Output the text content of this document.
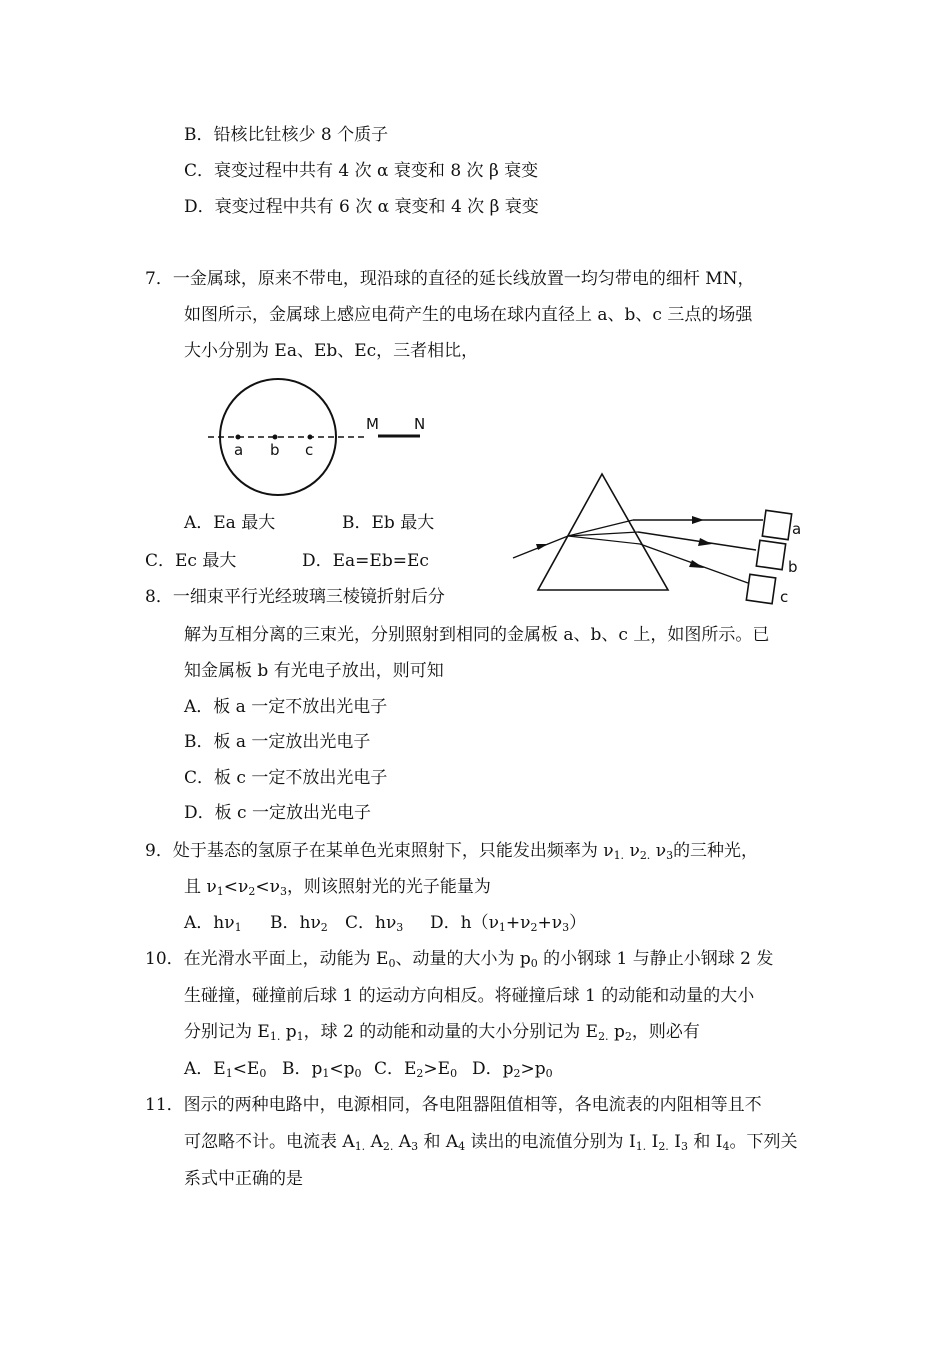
B．铅核比钍核少 8 个质子
C．衰变过程中共有 4 次 α 衰变和 8 次 β 衰变
D．衰变过程中共有 6 次 α 衰变和 4 次 β 衰变
7．一金属球，原来不带电，现沿球的直径的延长线放置一均匀带电的细杆 MN，
如图所示，金属球上感应电荷产生的电场在球内直径上 a、b、c 三点的场强
大小分别为 Ea、Eb、Ec，三者相比，
a b c
M N
A．Ea 最大	B．Eb 最大
C．Ec 最大	D．Ea=Eb=Ec
a
b
c
8．一细束平行光经玻璃三棱镜折射后分
解为互相分离的三束光，分别照射到相同的金属板 a、b、c 上，如图所示。已
知金属板 b 有光电子放出，则可知
A．板 a 一定不放出光电子
B．板 a 一定放出光电子
C．板 c 一定不放出光电子
D．板 c 一定放出光电子
9．处于基态的氢原子在某单色光束照射下，只能发出频率为 $\nu_{1.}$ $\nu_{2.}$ $\nu_3$的三种光，
且 $\nu_1<\nu_2<\nu_3$，则该照射光的光子能量为
A．$h\nu_1$ B．$h\nu_2$ C．$h\nu_3$ D．$h(\nu_1+\nu_2+\nu_3)$
10．在光滑水平面上，动能为 $E_0$、动量的大小为 $p_0$ 的小钢球 1 与静止小钢球 2 发
生碰撞，碰撞前后球 1 的运动方向相反。将碰撞后球 1 的动能和动量的大小
分别记为 $E_{1.}$ $p_1$，球 2 的动能和动量的大小分别记为 $E_{2.}$ $p_2$，则必有
A．$E_1<E_0$ B．$p_1<p_0$ C．$E_2>E_0$ D．$p_2>p_0$
11．图示的两种电路中，电源相同，各电阻器阻值相等，各电流表的内阻相等且不
可忽略不计。电流表 $A_{1.}$ $A_{2.}$ $A_3$ 和 $A_4$ 读出的电流值分别为 $I_{1.}$ $I_{2.}$ $I_3$ 和 $I_4$。下列关
系式中正确的是
